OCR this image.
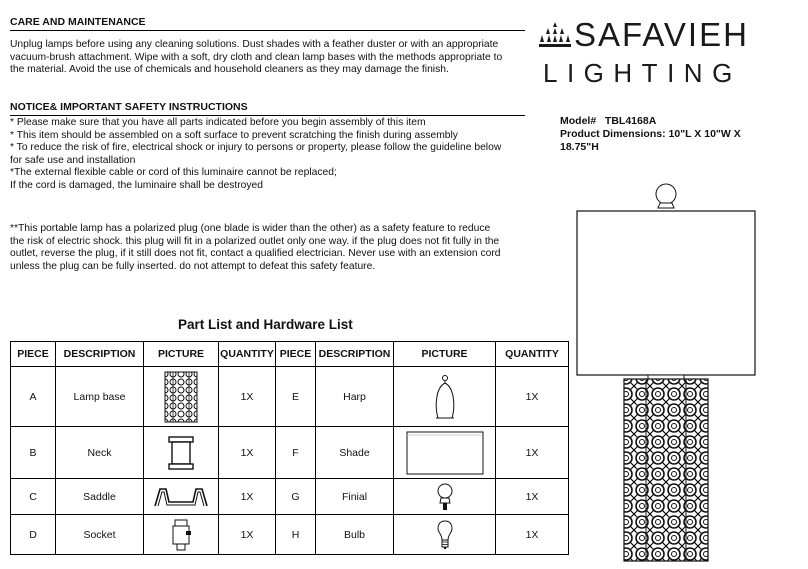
CARE AND MAINTENANCE
Unplug lamps before using any cleaning solutions. Dust shades with a feather duster or with an appropriate
vacuum-brush attachment. Wipe with a soft, dry cloth and clean lamp bases with the methods appropriate to
the material. Avoid the use of chemicals and household cleaners as they may damage the finish.
NOTICE& IMPORTANT SAFETY INSTRUCTIONS
* Please make sure that you have all parts indicated before you begin assembly of this item
* This item should be assembled on a soft surface to prevent scratching the finish during assembly
* To reduce the risk of fire, electrical shock or injury to persons or property, please follow the guideline below
for safe use and installation
*The external flexible cable or cord of this luminaire cannot be replaced;
If the cord is damaged, the luminaire shall be destroyed
**This portable lamp has a polarized plug (one blade is wider than the other) as a safety feature to reduce
the risk of electric shock. this plug will fit in a polarized outlet only one way. if the plug does not fit fully in the
outlet, reverse the plug, if it still does not fit, contact a qualified electrician. Never use with an extension cord
unless the plug can be fully inserted. do not attempt to defeat this safety feature.
SAFAVIEH
LIGHTING
Model#   TBL4168A
Product Dimensions: 10"L X 10"W X
18.75"H
Part List and Hardware List
PIECE	DESCRIPTION	PICTURE	QUANTITY	PIECE	DESCRIPTION	PICTURE	QUANTITY
A	Lamp base		1X	E	Harp		1X
B	Neck		1X	F	Shade		1X
C	Saddle		1X	G	Finial		1X
D	Socket		1X	H	Bulb		1X
